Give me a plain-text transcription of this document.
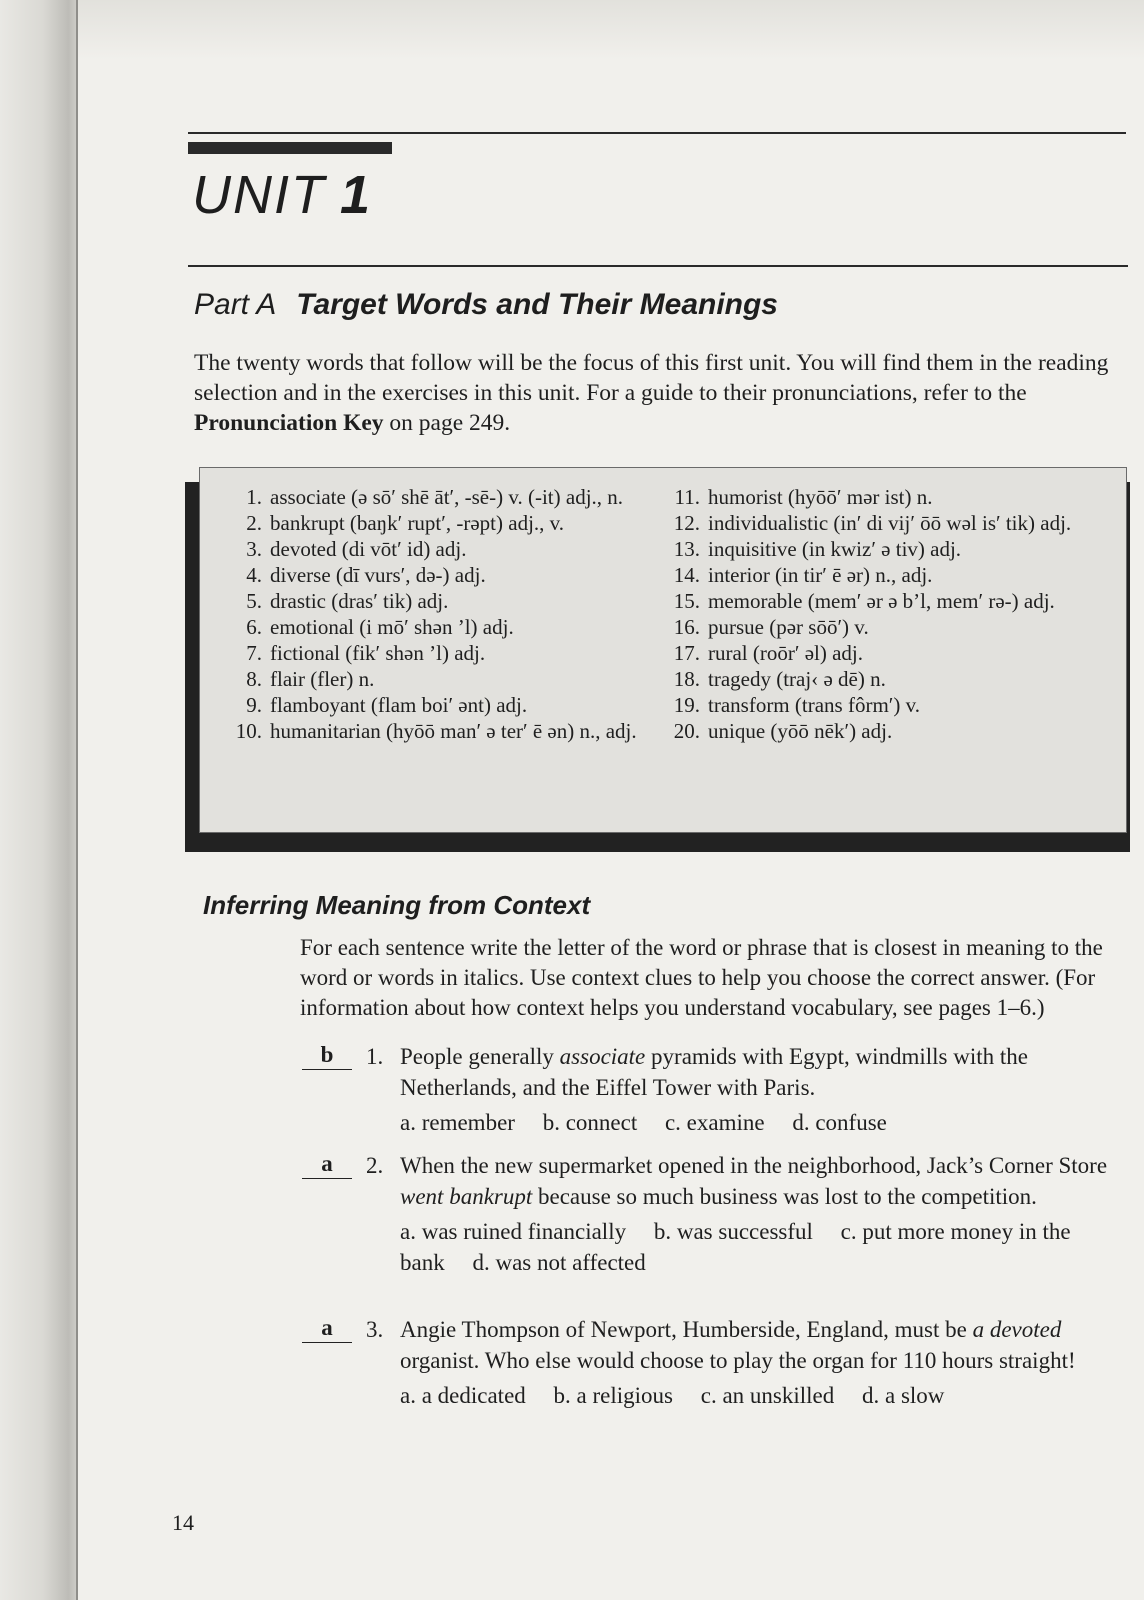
UNIT 1
Part A Target Words and Their Meanings
The twenty words that follow will be the focus of this first unit. You will find them in the reading selection and in the exercises in this unit. For a guide to their pronunciations, refer to the Pronunciation Key on page 249.
1. associate (ə sō′ shē āt′, -sē-) v. (-it) adj., n.
2. bankrupt (baŋk′ rupt′, -rəpt) adj., v.
3. devoted (di vōt′ id) adj.
4. diverse (dī vurs′, də-) adj.
5. drastic (dras′ tik) adj.
6. emotional (i mō′ shən ’l) adj.
7. fictional (fik′ shən ’l) adj.
8. flair (fler) n.
9. flamboyant (flam boi′ ənt) adj.
10. humanitarian (hyōō man′ ə ter′ ē ən) n., adj.
11. humorist (hyōō′ mər ist) n.
12. individualistic (in′ di vij′ ōō wəl is′ tik) adj.
13. inquisitive (in kwiz′ ə tiv) adj.
14. interior (in tir′ ē ər) n., adj.
15. memorable (mem′ ər ə b’l, mem′ rə-) adj.
16. pursue (pər sōō′) v.
17. rural (roōr′ əl) adj.
18. tragedy (traj‹ ə dē) n.
19. transform (trans fôrm′) v.
20. unique (yōō nēk′) adj.
Inferring Meaning from Context
For each sentence write the letter of the word or phrase that is closest in meaning to the word or words in italics. Use context clues to help you choose the correct answer. (For information about how context helps you understand vocabulary, see pages 1–6.)
b	1. People generally associate pyramids with Egypt, windmills with the Netherlands, and the Eiffel Tower with Paris.
a. remember b. connect c. examine d. confuse
a	2. When the new supermarket opened in the neighborhood, Jack’s Corner Store went bankrupt because so much business was lost to the competition.
a. was ruined financially b. was successful c. put more money in the bank d. was not affected
a	3. Angie Thompson of Newport, Humberside, England, must be a devoted organist. Who else would choose to play the organ for 110 hours straight!
a. a dedicated b. a religious c. an unskilled d. a slow
14
